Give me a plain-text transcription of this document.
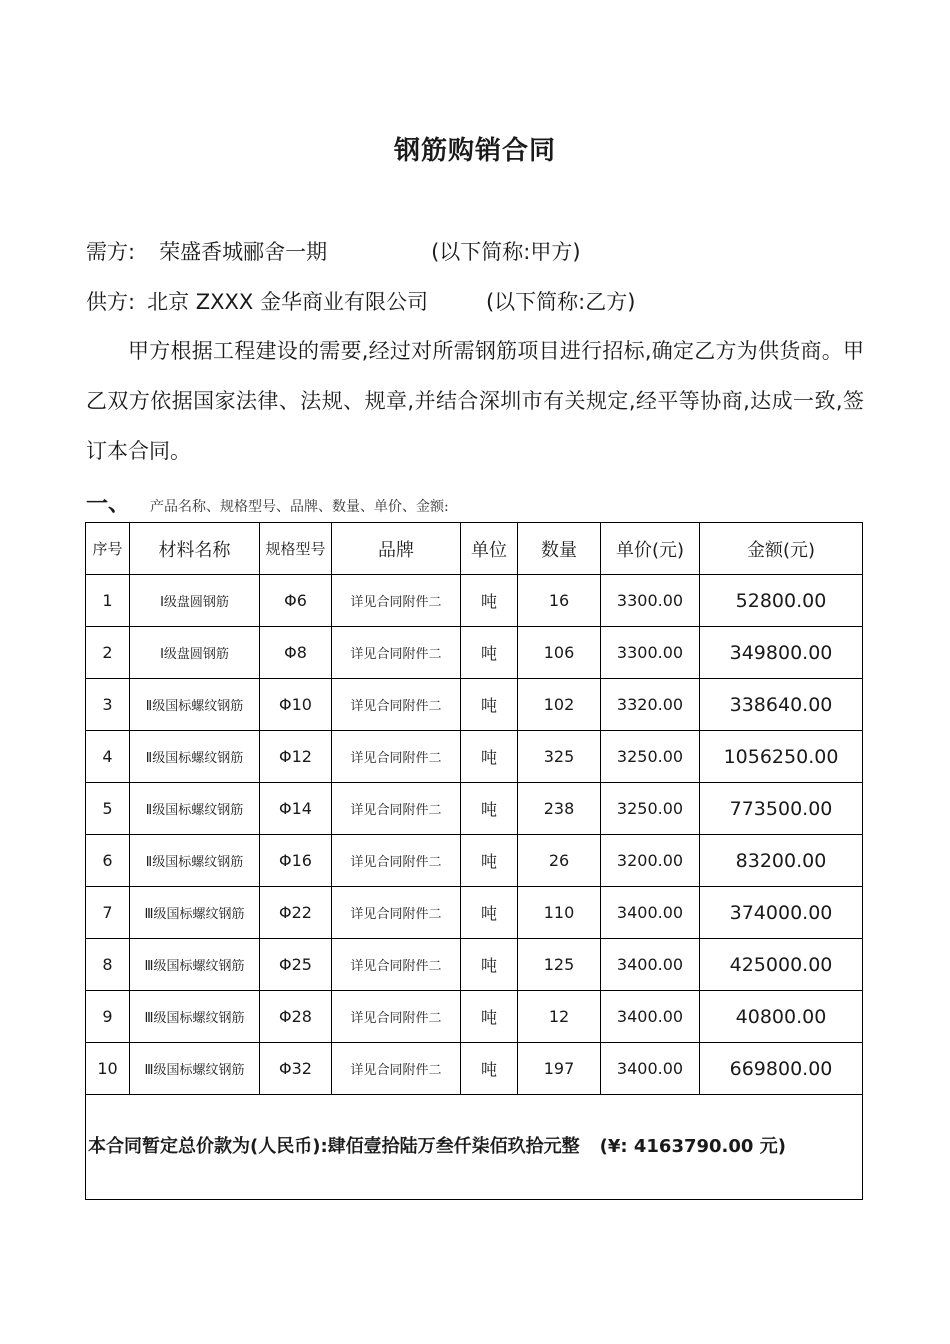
钢筋购销合同
需方: 荣盛香城郦舍一期	(以下简称:甲方)
供方: 北京 ZXXX 金华商业有限公司	(以下简称:乙方)

甲方根据工程建设的需要,经过对所需钢筋项目进行招标,确定乙方为供货商。甲乙双方依据国家法律、法规、规章,并结合深圳市有关规定,经平等协商,达成一致,签订本合同。

一、 产品名称、规格型号、品牌、数量、单价、金额:
序号	材料名称	规格型号	品牌	单位	数量	单价(元)	金额(元)
1	Ⅰ级盘圆钢筋	Φ6	详见合同附件二	吨	16	3300.00	52800.00
2	Ⅰ级盘圆钢筋	Φ8	详见合同附件二	吨	106	3300.00	349800.00
3	Ⅱ级国标螺纹钢筋	Φ10	详见合同附件二	吨	102	3320.00	338640.00
4	Ⅱ级国标螺纹钢筋	Φ12	详见合同附件二	吨	325	3250.00	1056250.00
5	Ⅱ级国标螺纹钢筋	Φ14	详见合同附件二	吨	238	3250.00	773500.00
6	Ⅱ级国标螺纹钢筋	Φ16	详见合同附件二	吨	26	3200.00	83200.00
7	Ⅲ级国标螺纹钢筋	Φ22	详见合同附件二	吨	110	3400.00	374000.00
8	Ⅲ级国标螺纹钢筋	Φ25	详见合同附件二	吨	125	3400.00	425000.00
9	Ⅲ级国标螺纹钢筋	Φ28	详见合同附件二	吨	12	3400.00	40800.00
10	Ⅲ级国标螺纹钢筋	Φ32	详见合同附件二	吨	197	3400.00	669800.00
本合同暂定总价款为(人民币):肆佰壹拾陆万叁仟柒佰玖拾元整 (¥: 4163790.00 元)							
